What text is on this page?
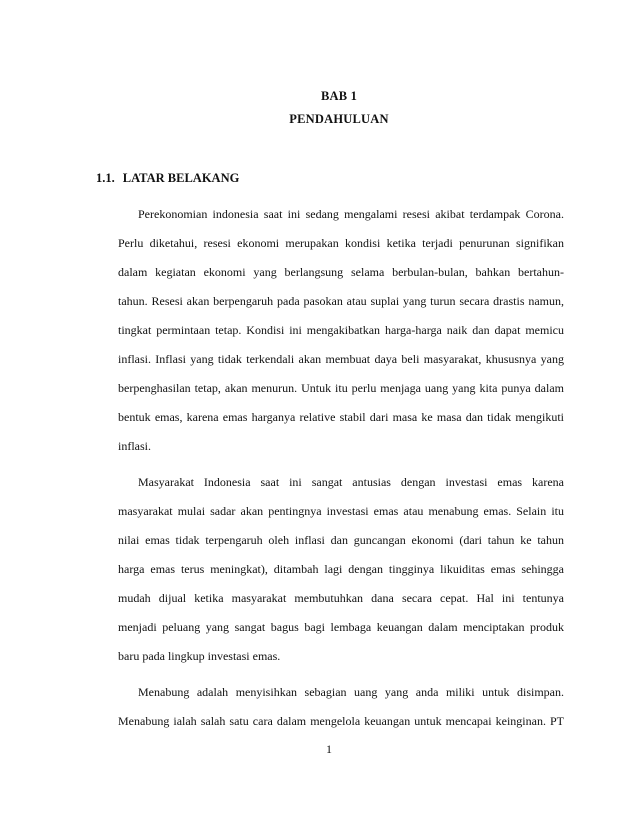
BAB 1
PENDAHULUAN
1.1. LATAR BELAKANG
Perekonomian indonesia saat ini sedang mengalami resesi akibat terdampak Corona.
Perlu diketahui, resesi ekonomi merupakan kondisi ketika terjadi penurunan signifikan
dalam kegiatan ekonomi yang berlangsung selama berbulan-bulan, bahkan bertahun-
tahun. Resesi akan berpengaruh pada pasokan atau suplai yang turun secara drastis namun,
tingkat permintaan tetap. Kondisi ini mengakibatkan harga-harga naik dan dapat memicu
inflasi. Inflasi yang tidak terkendali akan membuat daya beli masyarakat, khususnya yang
berpenghasilan tetap, akan menurun. Untuk itu perlu menjaga uang yang kita punya dalam
bentuk emas, karena emas harganya relative stabil dari masa ke masa dan tidak mengikuti
inflasi.
Masyarakat Indonesia saat ini sangat antusias dengan investasi emas karena
masyarakat mulai sadar akan pentingnya investasi emas atau menabung emas. Selain itu
nilai emas tidak terpengaruh oleh inflasi dan guncangan ekonomi (dari tahun ke tahun
harga emas terus meningkat), ditambah lagi dengan tingginya likuiditas emas sehingga
mudah dijual ketika masyarakat membutuhkan dana secara cepat. Hal ini tentunya
menjadi peluang yang sangat bagus bagi lembaga keuangan dalam menciptakan produk
baru pada lingkup investasi emas.
Menabung adalah menyisihkan sebagian uang yang anda miliki untuk disimpan.
Menabung ialah salah satu cara dalam mengelola keuangan untuk mencapai keinginan. PT
1
